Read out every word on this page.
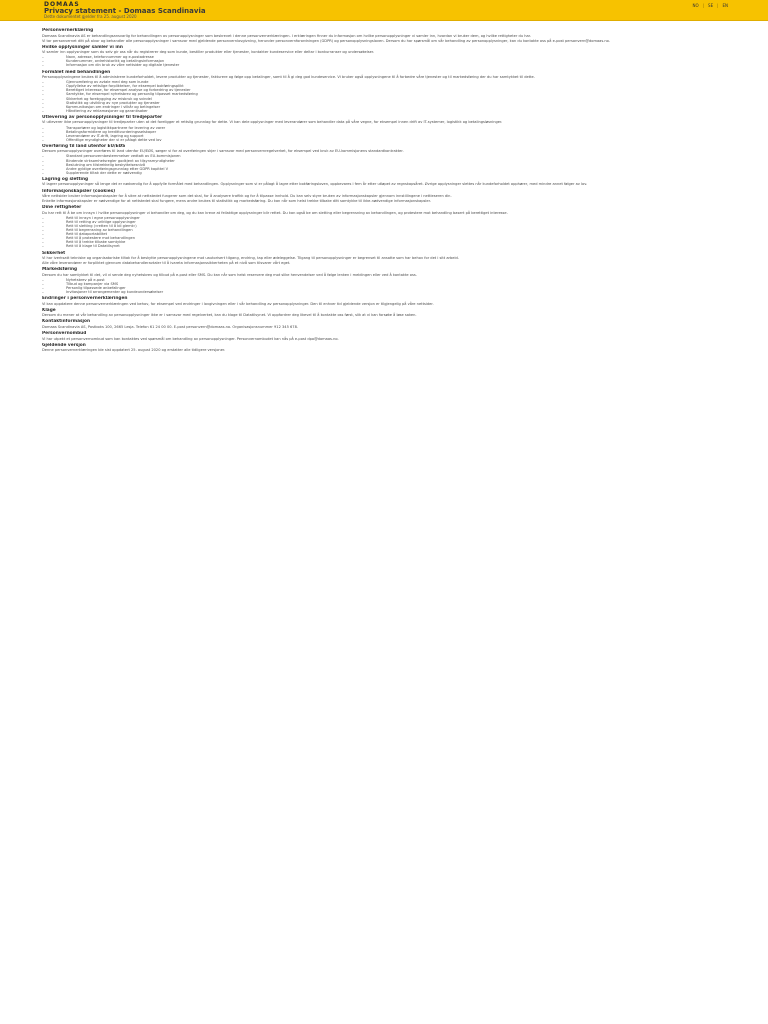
DOMAAS
Privacy statement - Domaas Scandinavia
Dette dokumentet gjelder fra 25. august 2020
NO | SE | EN
Personvernerklæring

Domaas Scandinavia AS er behandlingsansvarlig for behandlingen av personopplysninger som beskrevet i denne personvernerklæringen. I erklæringen finner du informasjon om hvilke personopplysninger vi samler inn, hvordan vi bruker dem, og hvilke rettigheter du har.

Vi tar personvernet ditt på alvor og behandler alle personopplysninger i samsvar med gjeldende personvernlovgivning, herunder personvernforordningen (GDPR) og personopplysningsloven. Dersom du har spørsmål om vår behandling av personopplysninger, kan du kontakte oss på e-post personvern@domaas.no.

Hvilke opplysninger samler vi inn

Vi samler inn opplysninger som du selv gir oss når du registrerer deg som kunde, bestiller produkter eller tjenester, kontakter kundeservice eller deltar i konkurranser og undersøkelser.

–	Navn, adresse, telefonnummer og e-postadresse
–	Kundenummer, ordrehistorikk og betalingsinformasjon
–	Informasjon om din bruk av våre nettsider og digitale tjenester
Formålet med behandlingen

Personopplysningene brukes til å administrere kundeforholdet, levere produkter og tjenester, fakturere og følge opp betalinger, samt til å gi deg god kundeservice. Vi bruker også opplysningene til å forbedre våre tjenester og til markedsføring der du har samtykket til dette.

–	Gjennomføring av avtale med deg som kunde
–	Oppfyllelse av rettslige forpliktelser, for eksempel bokføringsplikt
–	Berettiget interesse, for eksempel analyse og forbedring av tjenester
–	Samtykke, for eksempel nyhetsbrev og personlig tilpasset markedsføring
–	Sikkerhet og forebygging av misbruk og svindel
–	Statistikk og utvikling av nye produkter og tjenester
–	Kommunikasjon om endringer i vilkår og betingelser
–	Håndtering av reklamasjoner og garantisaker
Utlevering av personopplysninger til tredjeparter

Vi utleverer ikke personopplysninger til tredjeparter uten at det foreligger et rettslig grunnlag for dette. Vi kan dele opplysninger med leverandører som behandler data på våre vegne, for eksempel innen drift av IT-systemer, logistikk og betalingsløsninger.

–	Transportører og logistikkpartnere for levering av varer
–	Betalingsformidlere og kredittvurderingsselskaper
–	Leverandører av IT-drift, lagring og support
–	Offentlige myndigheter der vi er pålagt dette ved lov
Overføring til land utenfor EU/EØS

Dersom personopplysninger overføres til land utenfor EU/EØS, sørger vi for at overføringen skjer i samsvar med personvernregelverket, for eksempel ved bruk av EU-kommisjonens standardkontrakter.

–	Standard personvernbestemmelser vedtatt av EU-kommisjonen
–	Bindende virksomhetsregler godkjent av tilsynsmyndigheter
–	Beslutning om tilstrekkelig beskyttelsesnivå
–	Andre gyldige overføringsgrunnlag etter GDPR kapittel V
–	Supplerende tiltak der dette er nødvendig
Lagring og sletting

Vi lagrer personopplysninger så lenge det er nødvendig for å oppfylle formålet med behandlingen. Opplysninger som vi er pålagt å lagre etter bokføringsloven, oppbevares i fem år etter utløpet av regnskapsåret. Øvrige opplysninger slettes når kundeforholdet opphører, med mindre annet følger av lov.

Informasjonskapsler (cookies)

Våre nettsider bruker informasjonskapsler for å sikre at nettstedet fungerer som det skal, for å analysere trafikk og for å tilpasse innhold. Du kan selv styre bruken av informasjonskapsler gjennom innstillingene i nettleseren din.

Enkelte informasjonskapsler er nødvendige for at nettstedet skal fungere, mens andre brukes til statistikk og markedsføring. Du kan når som helst trekke tilbake ditt samtykke til ikke-nødvendige informasjonskapsler.

Dine rettigheter

Du har rett til å be om innsyn i hvilke personopplysninger vi behandler om deg, og du kan kreve at feilaktige opplysninger blir rettet. Du kan også be om sletting eller begrensning av behandlingen, og protestere mot behandling basert på berettiget interesse.

–	Rett til innsyn i egne personopplysninger
–	Rett til retting av uriktige opplysninger
–	Rett til sletting («retten til å bli glemt»)
–	Rett til begrensning av behandlingen
–	Rett til dataportabilitet
–	Rett til å protestere mot behandlingen
–	Rett til å trekke tilbake samtykke
–	Rett til å klage til Datatilsynet
Sikkerhet

Vi har iverksatt tekniske og organisatoriske tiltak for å beskytte personopplysningene mot uautorisert tilgang, endring, tap eller ødeleggelse. Tilgang til personopplysninger er begrenset til ansatte som har behov for det i sitt arbeid.

Alle våre leverandører er forpliktet gjennom databehandleravtaler til å ivareta informasjonssikkerheten på et nivå som tilsvarer vårt eget.

Markedsføring

Dersom du har samtykket til det, vil vi sende deg nyhetsbrev og tilbud på e-post eller SMS. Du kan når som helst reservere deg mot slike henvendelser ved å følge lenken i meldingen eller ved å kontakte oss.

–	Nyhetsbrev på e-post
–	Tilbud og kampanjer via SMS
–	Personlig tilpassede anbefalinger
–	Invitasjoner til arrangementer og kundeundersøkelser
Endringer i personvernerklæringen

Vi kan oppdatere denne personvernerklæringen ved behov, for eksempel ved endringer i lovgivningen eller i vår behandling av personopplysninger. Den til enhver tid gjeldende versjon er tilgjengelig på våre nettsider.

Klage

Dersom du mener at vår behandling av personopplysninger ikke er i samsvar med regelverket, kan du klage til Datatilsynet. Vi oppfordrer deg likevel til å kontakte oss først, slik at vi kan forsøke å løse saken.

Kontaktinformasjon

Domaas Scandinavia AS, Postboks 100, 2665 Lesja. Telefon 61 24 00 00. E-post personvern@domaas.no. Organisasjonsnummer 912 345 678.

Personvernombud

Vi har utpekt et personvernombud som kan kontaktes ved spørsmål om behandling av personopplysninger. Personvernombudet kan nås på e-post dpo@domaas.no.

Gjeldende versjon

Denne personvernerklæringen ble sist oppdatert 25. august 2020 og erstatter alle tidligere versjoner.
